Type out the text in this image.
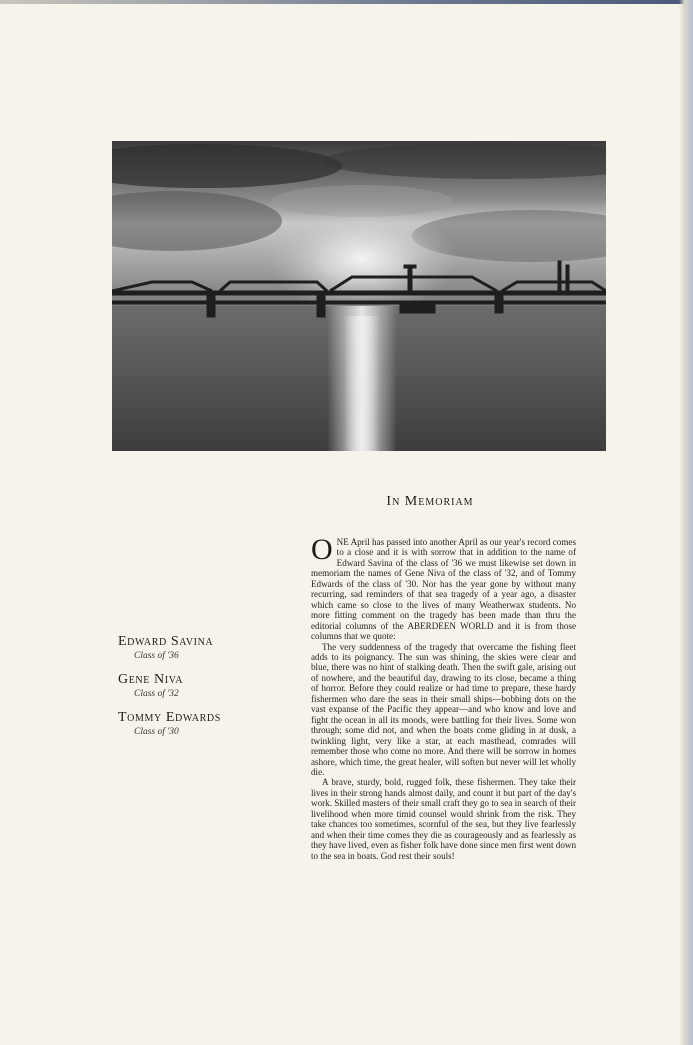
In Memoriam
Edward Savina
Class of '36
Gene Niva
Class of '32
Tommy Edwards
Class of '30

ONE April has passed into another April as our year's record comes to a close and it is with sorrow that in addition to the name of Edward Savina of the class of '36 we must likewise set down in memoriam the names of Gene Niva of the class of '32, and of Tommy Edwards of the class of '30. Nor has the year gone by without many recurring, sad reminders of that sea tragedy of a year ago, a disaster which came so close to the lives of many Weatherwax students. No more fitting comment on the tragedy has been made than thru the editorial columns of the ABERDEEN WORLD and it is from those columns that we quote:

The very suddenness of the tragedy that overcame the fishing fleet adds to its poignancy. The sun was shining, the skies were clear and blue, there was no hint of stalking death. Then the swift gale, arising out of nowhere, and the beautiful day, drawing to its close, became a thing of horror. Before they could realize or had time to prepare, these hardy fishermen who dare the seas in their small ships—bobbing dots on the vast expanse of the Pacific they appear—and who know and love and fight the ocean in all its moods, were battling for their lives. Some won through; some did not, and when the boats come gliding in at dusk, a twinkling light, very like a star, at each masthead, comrades will remember those who come no more. And there will be sorrow in homes ashore, which time, the great healer, will soften but never will let wholly die.

A brave, sturdy, bold, rugged folk, these fishermen. They take their lives in their strong hands almost daily, and count it but part of the day's work. Skilled masters of their small craft they go to sea in search of their livelihood when more timid counsel would shrink from the risk. They take chances too sometimes, scornful of the sea, but they live fearlessly and when their time comes they die as courageously and as fearlessly as they have lived, even as fisher folk have done since men first went down to the sea in boats. God rest their souls!
